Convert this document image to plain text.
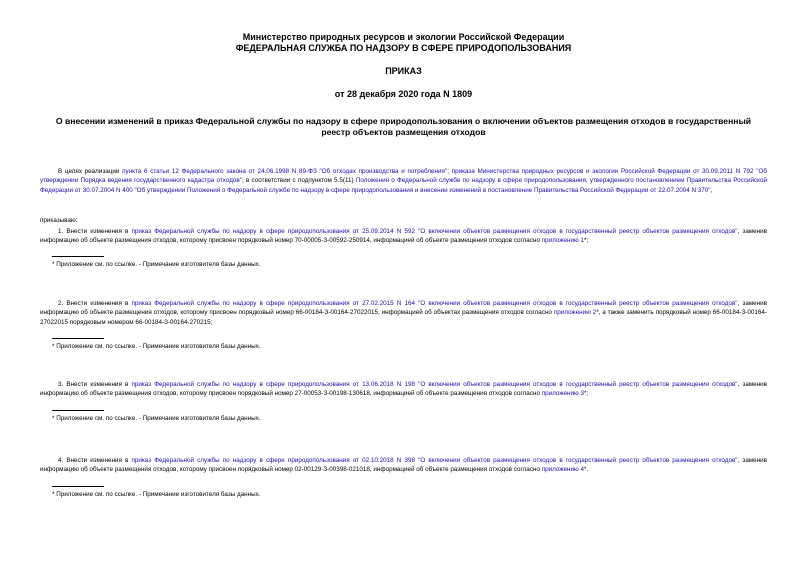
Министерство природных ресурсов и экологии Российской Федерации
ФЕДЕРАЛЬНАЯ СЛУЖБА ПО НАДЗОРУ В СФЕРЕ ПРИРОДОПОЛЬЗОВАНИЯ
ПРИКАЗ
от 28 декабря 2020 года N 1809
О внесении изменений в приказ Федеральной службы по надзору в сфере природопользования о включении объектов размещения отходов в государственный
реестр объектов размещения отходов
В целях реализации пункта 6 статьи 12 Федерального закона от 24.06.1998 N 89-ФЗ "Об отходах производства и потребления"; приказа Министерства природных ресурсов и экологии Российской Федерации от 30.09.2011 N 792 "Об утверждении Порядка ведения государственного кадастра отходов", в соответствии с подпунктом 5.5(11) Положения о Федеральной службе по надзору в сфере природопользования, утвержденного постановлением Правительства Российской Федерации от 30.07.2004 N 400 "Об утверждении Положения о Федеральной службе по надзору в сфере природопользования и внесении изменений в постановление Правительства Российской Федерации от 22.07.2004 N 370",
приказываю:
1. Внести изменения в приказ Федеральной службы по надзору в сфере природопользования от 25.09.2014 N 592 "О включении объектов размещения отходов в государственный реестр объектов размещения отходов", заменив информацию об объекте размещения отходов, которому присвоен порядковый номер 70-00005-З-00592-250914, информацией об объекте размещения отходов согласно приложению 1*;
* Приложение см. по ссылке. - Примечание изготовителя базы данных.
2. Внести изменения в приказ Федеральной службы по надзору в сфере природопользования от 27.02.2015 N 164 "О включении объектов размещения отходов в государственный реестр объектов размещения отходов", заменив информацию об объекте размещения отходов, которому присвоен порядковый номер 66-00184-З-00164-27022015, информацией об объектах размещения отходов согласно приложению 2*, а также заменить порядковый номер 66-00184-З-00164-27022015 порядковым номером 66-00184-З-00164-270215;
* Приложение см. по ссылке. - Примечание изготовителя базы данных.
3. Внести изменения в приказ Федеральной службы по надзору в сфере природопользования от 13.06.2018 N 198 "О включении объектов размещения отходов в государственный реестр объектов размещения отходов", заменив информацию об объекте размещения отходов, которому присвоен порядковый номер 27-00053-З-00198-130618, информацией об объекте размещения отходов согласно приложению 3*;
* Приложение см. по ссылке. - Примечание изготовителя базы данных.
4. Внести изменения в приказ Федеральной службы по надзору в сфере природопользования от 02.10.2018 N 398 "О включении объектов размещения отходов в государственный реестр объектов размещения отходов", заменив информацию об объекте размещения отходов, которому присвоен порядковый номер 02-00129-З-00398-021018, информацией об объекте размещения отходов согласно приложению 4*.
* Приложение см. по ссылке. - Примечание изготовителя базы данных.
